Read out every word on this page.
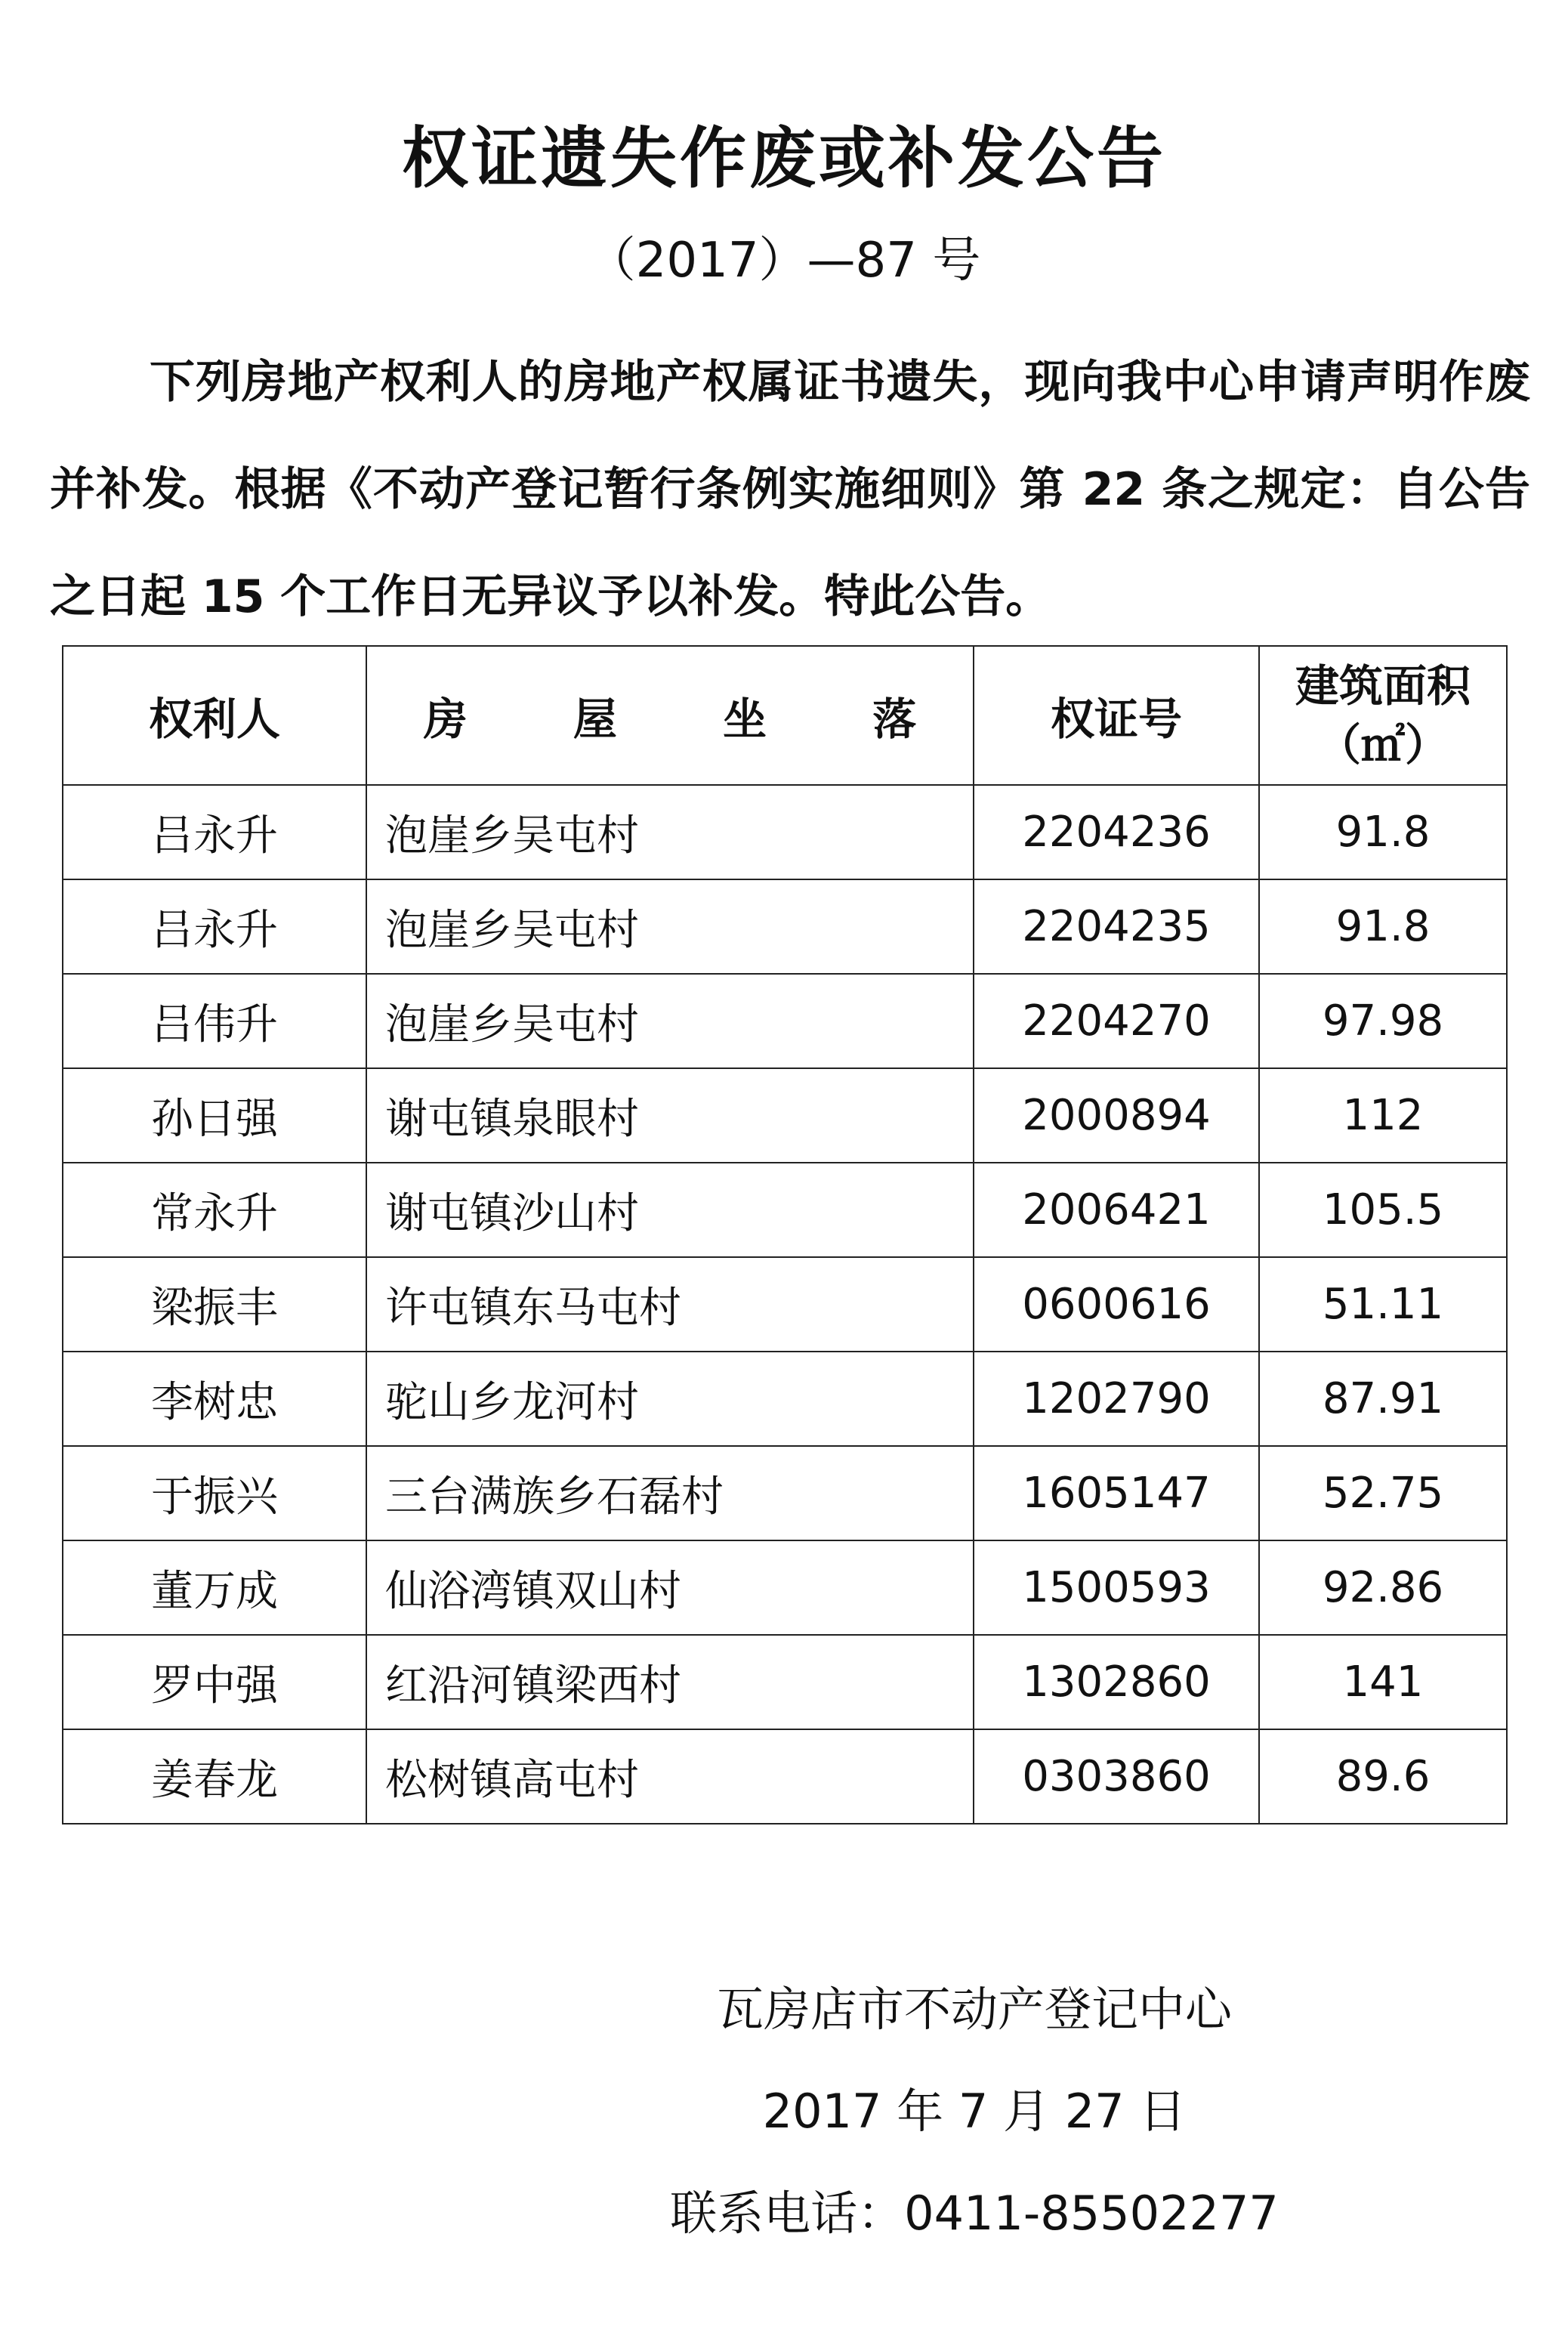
权证遗失作废或补发公告
（2017）—87 号

下列房地产权利人的房地产权属证书遗失，现向我中心申请声明作废并补发。根据《不动产登记暂行条例实施细则》第 22 条之规定：自公告之日起 15 个工作日无异议予以补发。特此公告。

权利人	房 屋 坐 落	权证号	建筑面积
（㎡）

吕永升	泡崖乡吴屯村	2204236	91.8
吕永升	泡崖乡吴屯村	2204235	91.8
吕伟升	泡崖乡吴屯村	2204270	97.98
孙日强	谢屯镇泉眼村	2000894	112
常永升	谢屯镇沙山村	2006421	105.5
梁振丰	许屯镇东马屯村	0600616	51.11
李树忠	驼山乡龙河村	1202790	87.91
于振兴	三台满族乡石磊村	1605147	52.75
董万成	仙浴湾镇双山村	1500593	92.86
罗中强	红沿河镇梁西村	1302860	141
姜春龙	松树镇高屯村	0303860	89.6
瓦房店市不动产登记中心
2017 年 7 月 27 日
联系电话：0411-85502277
